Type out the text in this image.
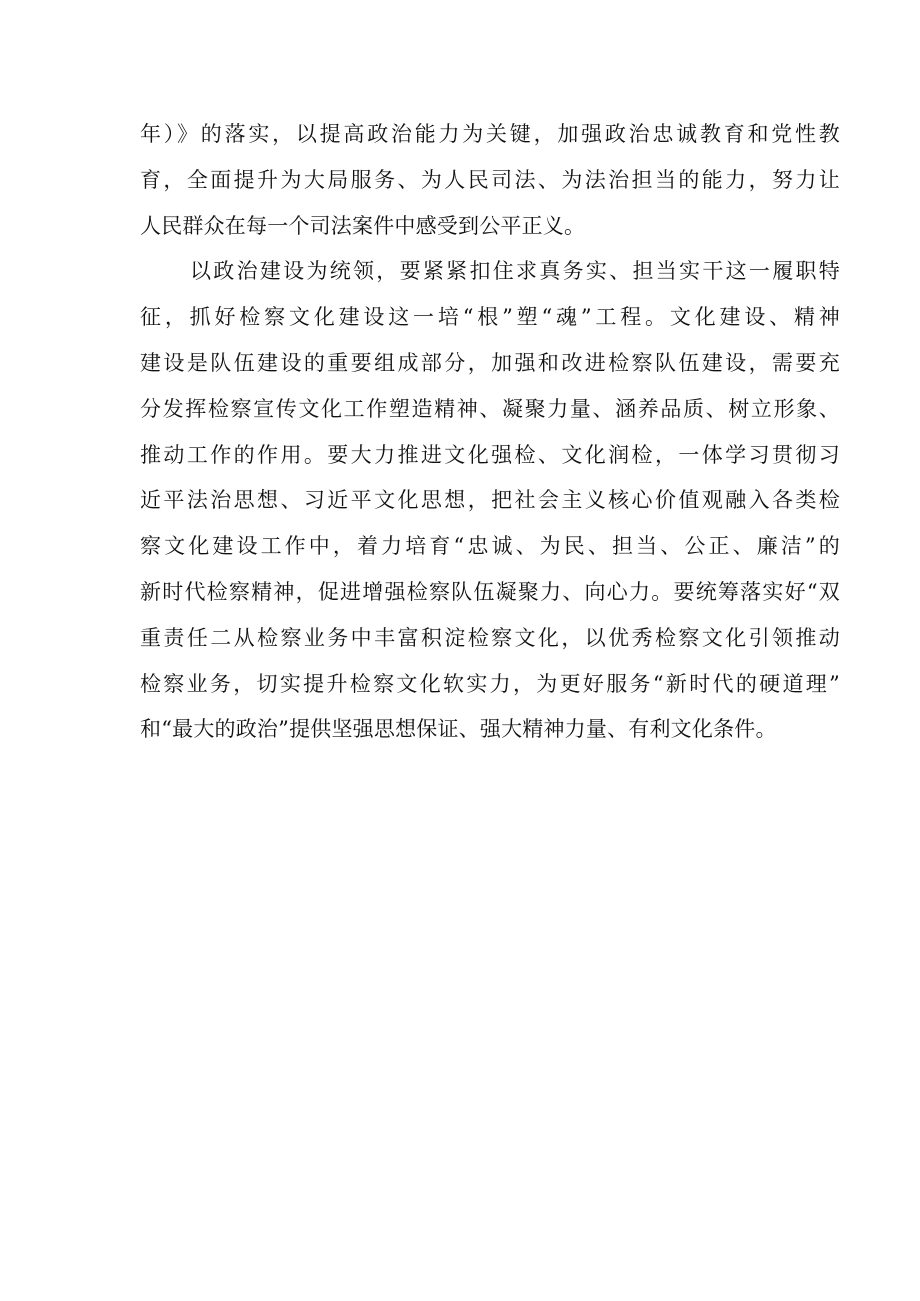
年）》的落实，以提高政治能力为关键，加强政治忠诚教育和党性教
育，全面提升为大局服务、为人民司法、为法治担当的能力，努力让
人民群众在每一个司法案件中感受到公平正义。
以政治建设为统领，要紧紧扣住求真务实、担当实干这一履职特
征，抓好检察文化建设这一培“根”塑“魂”工程。文化建设、精神
建设是队伍建设的重要组成部分，加强和改进检察队伍建设，需要充
分发挥检察宣传文化工作塑造精神、凝聚力量、涵养品质、树立形象、
推动工作的作用。要大力推进文化强检、文化润检，一体学习贯彻习
近平法治思想、习近平文化思想，把社会主义核心价值观融入各类检
察文化建设工作中，着力培育“忠诚、为民、担当、公正、廉洁”的
新时代检察精神，促进增强检察队伍凝聚力、向心力。要统筹落实好“双
重责任二从检察业务中丰富积淀检察文化，以优秀检察文化引领推动
检察业务，切实提升检察文化软实力，为更好服务“新时代的硬道理”
和“最大的政治”提供坚强思想保证、强大精神力量、有利文化条件。
